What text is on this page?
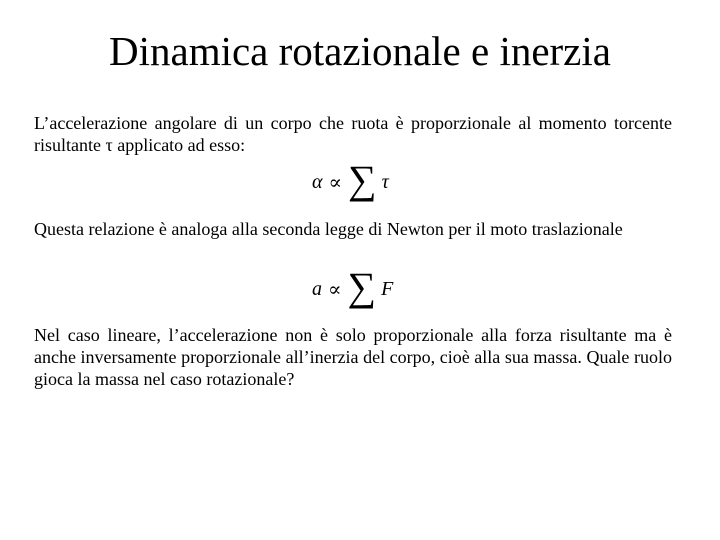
Dinamica rotazionale e inerzia

L’accelerazione angolare di un corpo che ruota è proporzionale al momento torcente risultante τ applicato ad esso:

α ∝ ∑ τ

Questa relazione è analoga alla seconda legge di Newton per il moto traslazionale

a ∝ ∑ F

Nel caso lineare, l’accelerazione non è solo proporzionale alla forza risultante ma è anche inversamente proporzionale all’inerzia del corpo, cioè alla sua massa. Quale ruolo gioca la massa nel caso rotazionale?
